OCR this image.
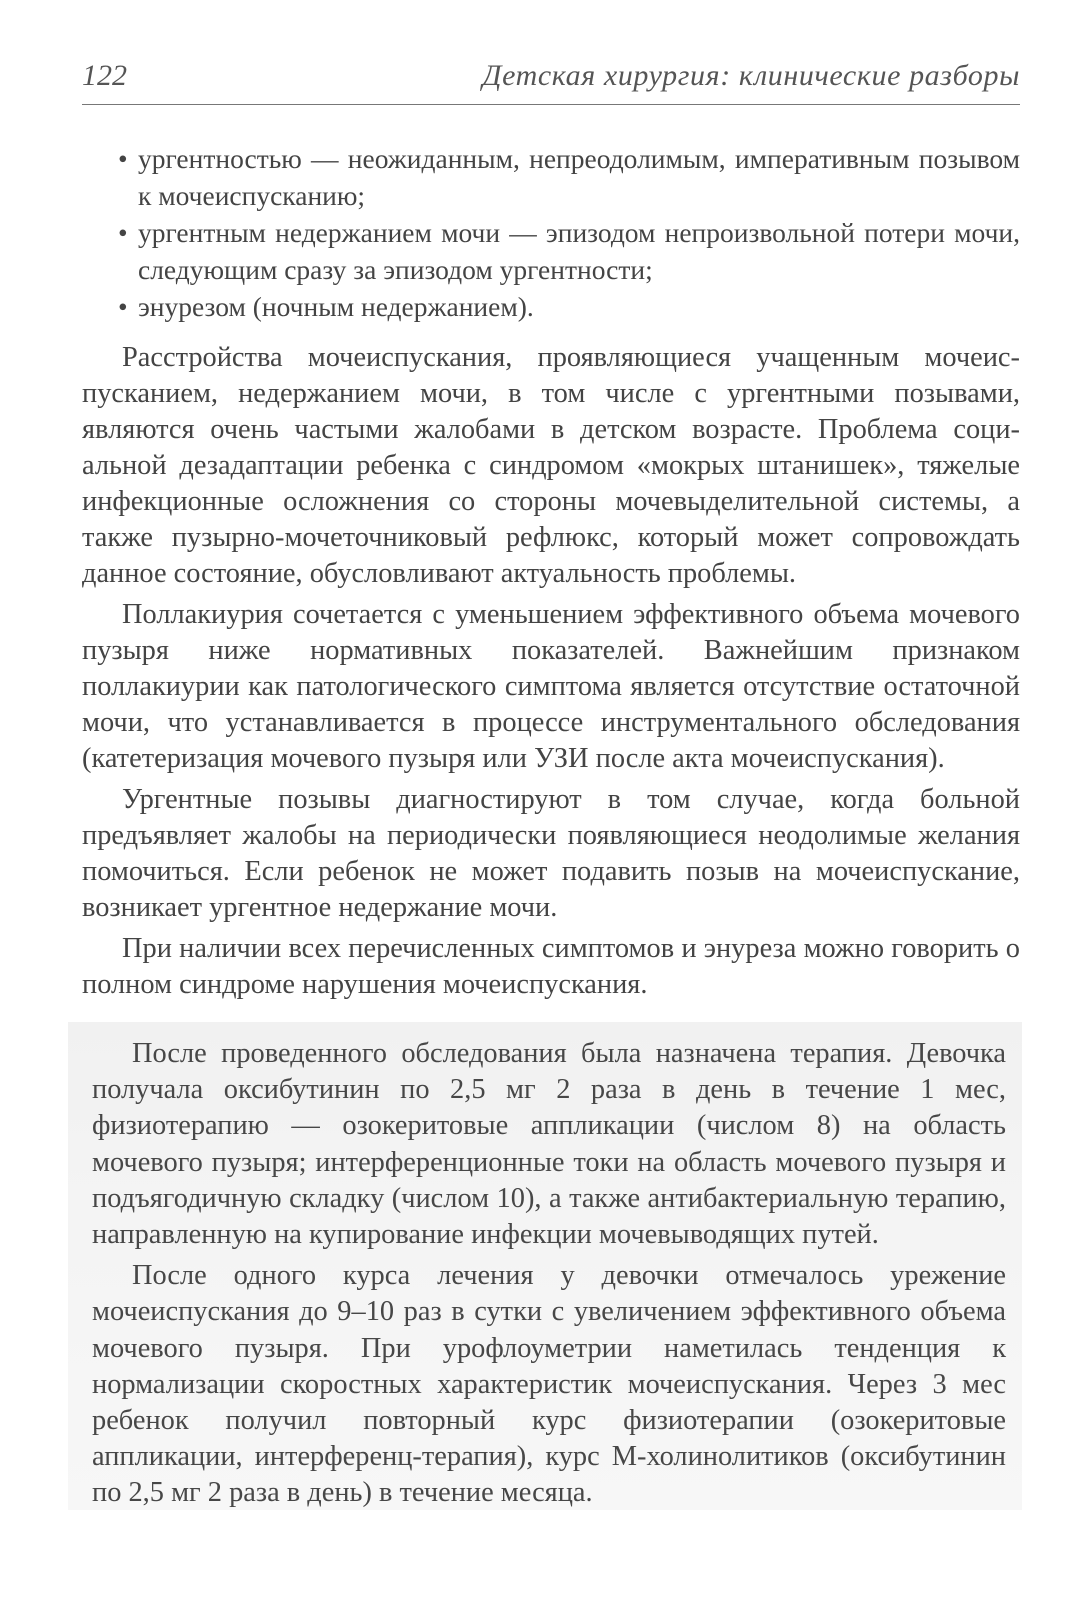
122	Детская хирургия: клинические разборы
• ургентностью — неожиданным, непреодолимым, императивным позывом к мочеиспусканию;
• ургентным недержанием мочи — эпизодом непроизвольной потери мочи, следующим сразу за эпизодом ургентности;
• энурезом (ночным недержанием).

Расстройства мочеиспускания, проявляющиеся учащенным мочеиспусканием, недержанием мочи, в том числе с ургентными позывами, являются очень частыми жалобами в детском возрасте. Проблема социальной дезадаптации ребенка с синдромом «мокрых штанишек», тяжелые инфекционные осложнения со стороны мочевыделительной системы, а также пузырно-мочеточниковый рефлюкс, который может сопровождать данное состояние, обусловливают актуальность проблемы.

Поллакиурия сочетается с уменьшением эффективного объема мочевого пузыря ниже нормативных показателей. Важнейшим признаком поллакиурии как патологического симптома является отсутствие остаточной мочи, что устанавливается в процессе инструментального обследования (катетеризация мочевого пузыря или УЗИ после акта мочеиспускания).

Ургентные позывы диагностируют в том случае, когда больной предъявляет жалобы на периодически появляющиеся неодолимые желания помочиться. Если ребенок не может подавить позыв на мочеиспускание, возникает ургентное недержание мочи.

При наличии всех перечисленных симптомов и энуреза можно говорить о полном синдроме нарушения мочеиспускания.

После проведенного обследования была назначена терапия. Девочка получала оксибутинин по 2,5 мг 2 раза в день в течение 1 мес, физиотерапию — озокеритовые аппликации (числом 8) на область мочевого пузыря; интерференционные токи на область мочевого пузыря и подъягодичную складку (числом 10), а также антибактериальную терапию, направленную на купирование инфекции мочевыводящих путей.

После одного курса лечения у девочки отмечалось урежение мочеиспускания до 9–10 раз в сутки с увеличением эффективного объема мочевого пузыря. При урофлоуметрии наметилась тенденция к нормализации скоростных характеристик мочеиспускания. Через 3 мес ребенок получил повторный курс физиотерапии (озокеритовые аппликации, интерференц-терапия), курс М-холинолитиков (оксибутинин по 2,5 мг 2 раза в день) в течение месяца.
